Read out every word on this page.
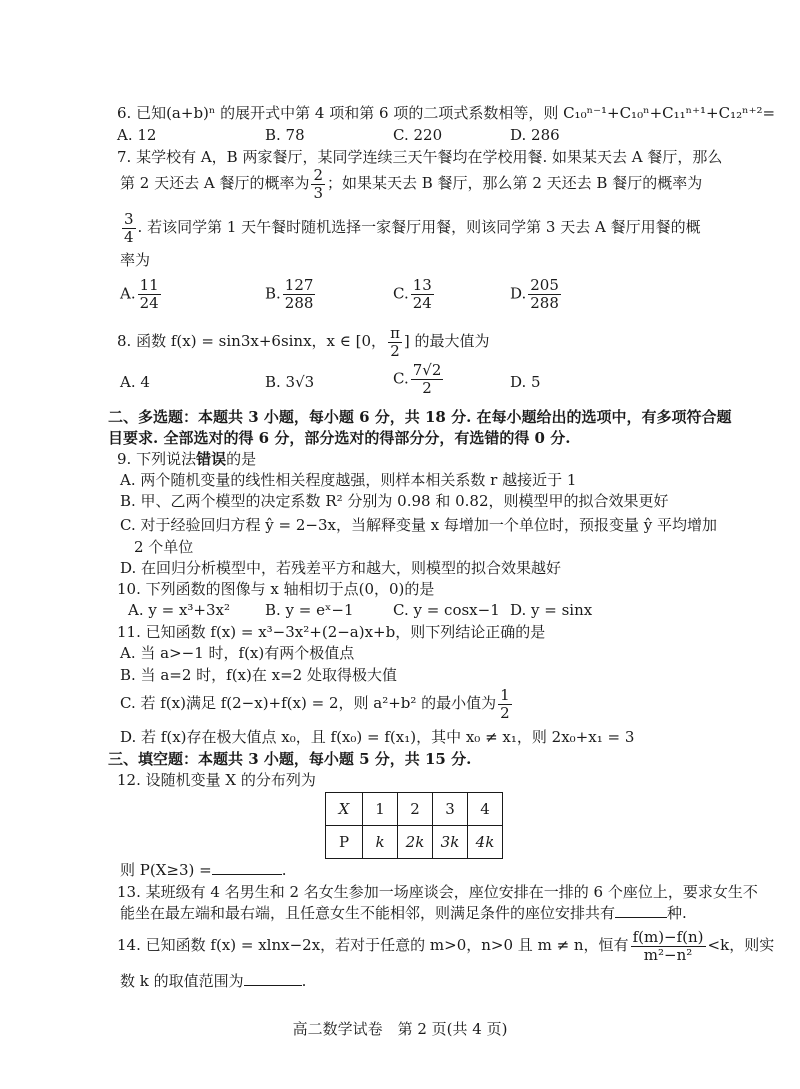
6. 已知(a+b)ⁿ 的展开式中第 4 项和第 6 项的二项式系数相等，则 C₁₀ⁿ⁻¹+C₁₀ⁿ+C₁₁ⁿ⁺¹+C₁₂ⁿ⁺²=
A. 12	B. 78	C. 220	D. 286
7. 某学校有 A，B 两家餐厅，某同学连续三天午餐均在学校用餐. 如果某天去 A 餐厅，那么
第 2 天还去 A 餐厅的概率为 $\frac{2}{3}$ ；如果某天去 B 餐厅，那么第 2 天还去 B 餐厅的概率为
$\frac{3}{4}$ . 若该同学第 1 天午餐时随机选择一家餐厅用餐，则该同学第 3 天去 A 餐厅用餐的概
率为
A. $\frac{11}{24}$	B. $\frac{127}{288}$	C. $\frac{13}{24}$	D. $\frac{205}{288}$
8. 函数 f(x) = sin3x+6sinx，x ∈ [0， $\frac{\pi}{2}$ ] 的最大值为
A. 4	B. 3√3	C. $\frac{7√2}{2}$	D. 5
二、多选题：本题共 3 小题，每小题 6 分，共 18 分. 在每小题给出的选项中，有多项符合题
目要求. 全部选对的得 6 分，部分选对的得部分分，有选错的得 0 分.
9. 下列说法错误的是
A. 两个随机变量的线性相关程度越强，则样本相关系数 r 越接近于 1
B. 甲、乙两个模型的决定系数 R² 分别为 0.98 和 0.82，则模型甲的拟合效果更好
C. 对于经验回归方程 ŷ = 2−3x，当解释变量 x 每增加一个单位时，预报变量 ŷ 平均增加
2 个单位
D. 在回归分析模型中，若残差平方和越大，则模型的拟合效果越好
10. 下列函数的图像与 x 轴相切于点(0，0)的是
A. y = x³+3x² B. y = eˣ−1	C. y = cosx−1 D. y = sinx
11. 已知函数 f(x) = x³−3x²+(2−a)x+b，则下列结论正确的是
A. 当 a>−1 时，f(x)有两个极值点
B. 当 a=2 时，f(x)在 x=2 处取得极大值
C. 若 f(x)满足 f(2−x)+f(x) = 2，则 a²+b² 的最小值为 $\frac{1}{2}$
D. 若 f(x)存在极大值点 x₀，且 f(x₀) = f(x₁)，其中 x₀ ≠ x₁，则 2x₀+x₁ = 3
三、填空题：本题共 3 小题，每小题 5 分，共 15 分.
12. 设随机变量 X 的分布列为
X	1	2	3	4
P	k	2k	3k	4k
则 P(X≥3) =	.
13. 某班级有 4 名男生和 2 名女生参加一场座谈会，座位安排在一排的 6 个座位上，要求女生不
能坐在最左端和最右端，且任意女生不能相邻，则满足条件的座位安排共有	种.
14. 已知函数 f(x) = xlnx−2x，若对于任意的 m>0，n>0 且 m ≠ n，恒有 $\frac{f(m)-f(n)}{\text{m²−n²}} <k$，则实
数 k 的取值范围为	.
高二数学试卷　第 2 页(共 4 页)
